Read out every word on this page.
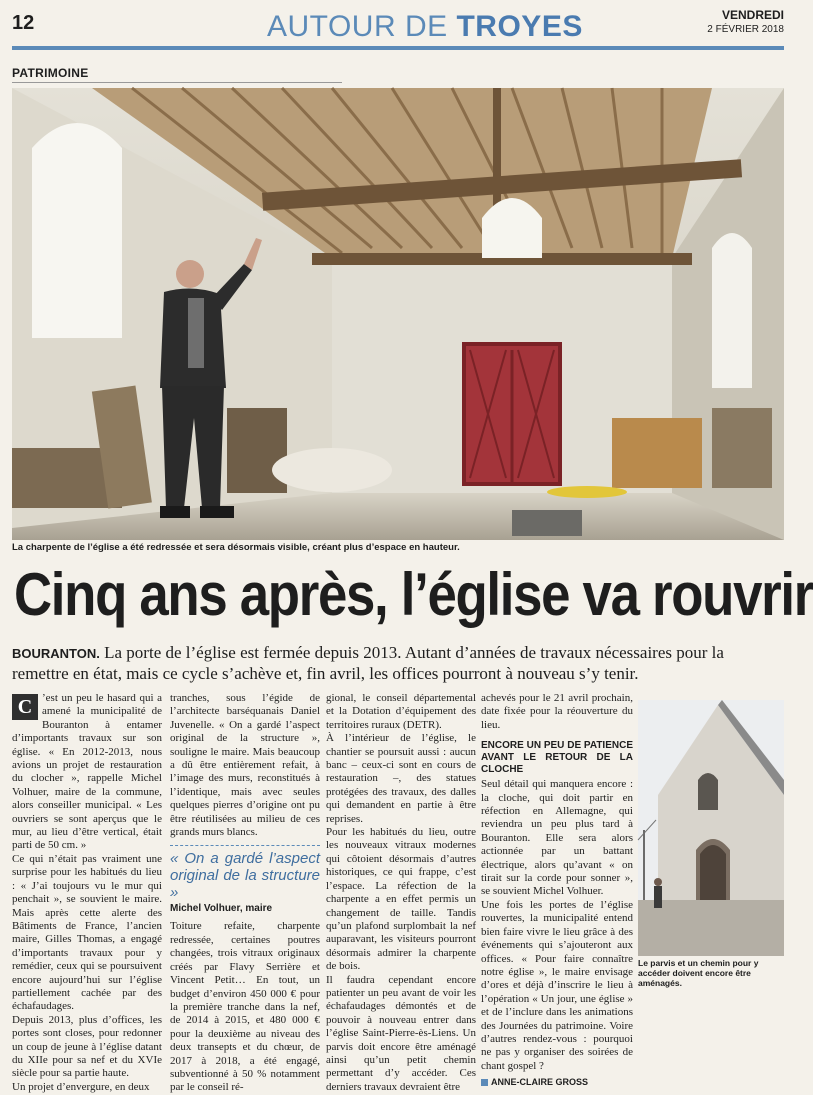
12	AUTOUR DE TROYES	VENDREDI
2 FÉVRIER 2018
PATRIMOINE
La charpente de l’église a été redressée et sera désormais visible, créant plus d’espace en hauteur.
Cinq ans après, l’église va rouvrir
BOURANTON. La porte de l’église est fermée depuis 2013. Autant d’années de travaux nécessaires pour la remettre en état, mais ce cycle s’achève et, fin avril, les offices pourront à nouveau s’y tenir.
C ’est un peu le hasard qui a amené la municipalité de Bouranton à entamer d’importants travaux sur son église. « En 2012-2013, nous avions un projet de restauration du clocher », rappelle Michel Volhuer, maire de la commune, alors conseiller municipal. « Les ouvriers se sont aperçus que le mur, au lieu d’être vertical, était parti de 50 cm. »

Ce qui n’était pas vraiment une surprise pour les habitués du lieu : « J’ai toujours vu le mur qui penchait », se souvient le maire. Mais après cette alerte des Bâtiments de France, l’ancien maire, Gilles Thomas, a engagé d’importants travaux pour y remédier, ceux qui se poursuivent encore aujourd’hui sur l’église partiellement cachée par des échafaudages.

Depuis 2013, plus d’offices, les portes sont closes, pour redonner un coup de jeune à l’église datant du XIIe pour sa nef et du XVIe siècle pour sa partie haute.

Un projet d’envergure, en deux

tranches, sous l’égide de l’architecte barséquanais Daniel Juvenelle. « On a gardé l’aspect original de la structure », souligne le maire. Mais beaucoup a dû être entièrement refait, à l’image des murs, reconstitués à l’identique, mais avec seules quelques pierres d’origine ont pu être réutilisées au milieu de ces grands murs blancs.

« On a gardé l’aspect original de la structure »
Michel Volhuer, maire

Toiture refaite, charpente redressée, certaines poutres changées, trois vitraux originaux créés par Flavy Serrière et Vincent Petit… En tout, un budget d’environ 450 000 € pour la première tranche dans la nef, de 2014 à 2015, et 480 000 € pour la deuxième au niveau des deux transepts et du chœur, de 2017 à 2018, a été engagé, subventionné à 50 % notamment par le conseil ré-

gional, le conseil départemental et la Dotation d’équipement des territoires ruraux (DETR).

À l’intérieur de l’église, le chantier se poursuit aussi : aucun banc – ceux-ci sont en cours de restauration –, des statues protégées des travaux, des dalles qui demandent en partie à être reprises.

Pour les habitués du lieu, outre les nouveaux vitraux modernes qui côtoient désormais d’autres historiques, ce qui frappe, c’est l’espace. La réfection de la charpente a en effet permis un changement de taille. Tandis qu’un plafond surplombait la nef auparavant, les visiteurs pourront désormais admirer la charpente de bois.

Il faudra cependant encore patienter un peu avant de voir les échafaudages démontés et de pouvoir à nouveau entrer dans l’église Saint-Pierre-ès-Liens. Un parvis doit encore être aménagé ainsi qu’un petit chemin permettant d’y accéder. Ces derniers travaux devraient être

achevés pour le 21 avril prochain, date fixée pour la réouverture du lieu.

ENCORE UN PEU DE PATIENCE AVANT LE RETOUR DE LA CLOCHE

Seul détail qui manquera encore : la cloche, qui doit partir en réfection en Allemagne, qui reviendra un peu plus tard à Bouranton. Elle sera alors actionnée par un battant électrique, alors qu’avant « on tirait sur la corde pour sonner », se souvient Michel Volhuer.

Une fois les portes de l’église rouvertes, la municipalité entend bien faire vivre le lieu grâce à des événements qui s’ajouteront aux offices. « Pour faire connaître notre église », le maire envisage d’ores et déjà d’inscrire le lieu à l’opération « Un jour, une église » et de l’inclure dans les animations des Journées du patrimoine. Voire d’autres rendez-vous : pourquoi ne pas y organiser des soirées de chant gospel ?

ANNE-CLAIRE GROSS
Le parvis et un chemin pour y accéder doivent encore être aménagés.
